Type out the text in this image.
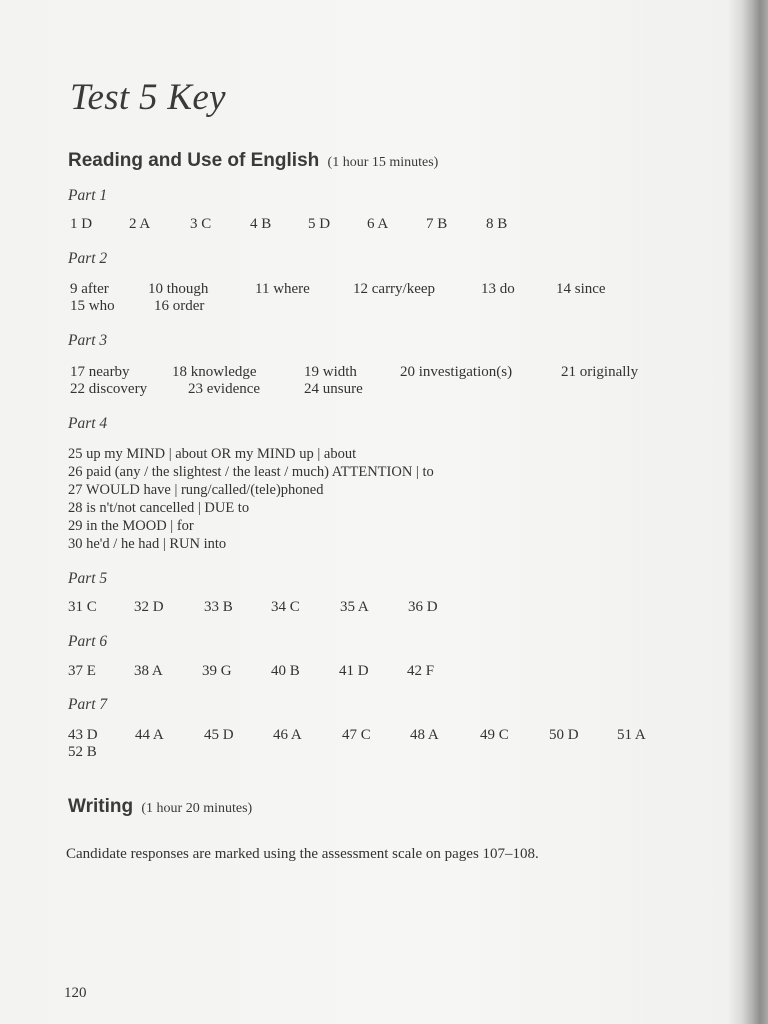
Test 5 Key
Reading and Use of English (1 hour 15 minutes)
Part 1
1 D 2 A	3 C	4 B 5 D 6 A	7 B	8 B
Part 2
9 after	10 though	11 where	12 carry/keep	13 do	14 since
15 who	16 order
Part 3
17 nearby	18 knowledge	19 width	20 investigation(s)	21 originally
22 discovery	23 evidence	24 unsure
Part 4
25 up my MIND | about OR my MIND up | about
26 paid (any / the slightest / the least / much) ATTENTION | to
27 WOULD have | rung/called/(tele)phoned
28 is n't/not cancelled | DUE to
29 in the MOOD | for
30 he'd / he had | RUN into
Part 5
31 C 32 D	33 B	34 C	35 A	36 D
Part 6
37 E	38 A	39 G	40 B	41 D	42 F
Part 7
43 D 44 A	45 D	46 A	47 C	48 A	49 C	50 D	51 A
52 B
Writing (1 hour 20 minutes)
Candidate responses are marked using the assessment scale on pages 107–108.
120
